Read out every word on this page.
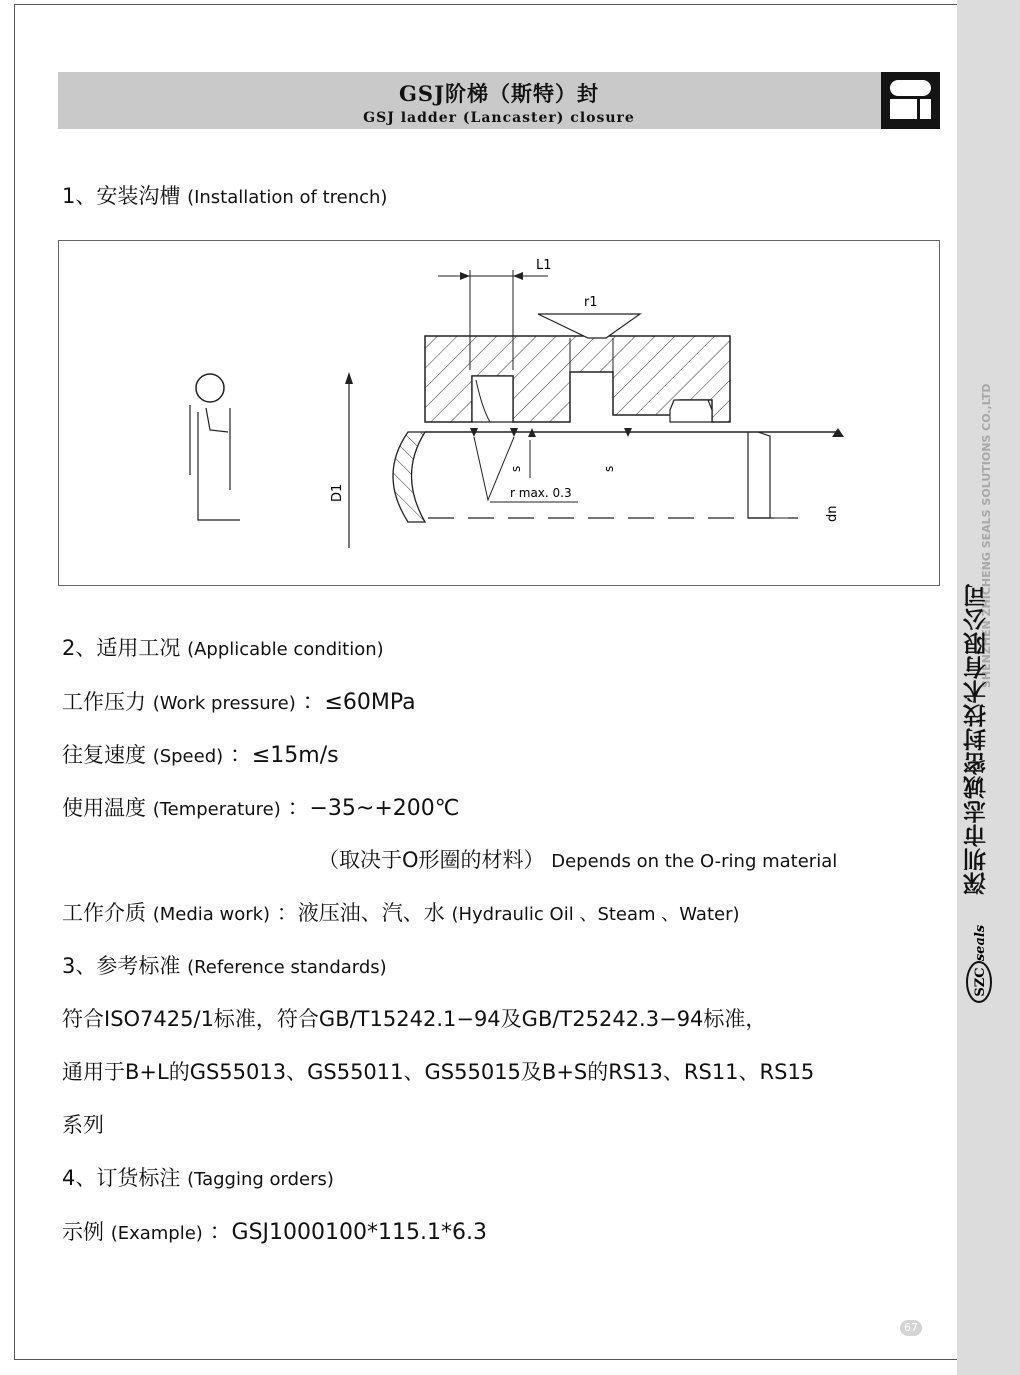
GSJ阶梯（斯特）封
GSJ ladder (Lancaster) closure
1、安装沟槽 (Installation of trench)
D1
L1
r1
s	s
r max. 0.3
dn
2、适用工况 (Applicable condition)
工作压力 (Work pressure) ：≤60MPa
往复速度 (Speed) ：≤15m/s
使用温度 (Temperature) ：−35~+200℃
（取决于O形圈的材料） Depends on the O-ring material
工作介质 (Media work) ：液压油、汽、水 (Hydraulic Oil 、Steam 、Water)
3、参考标准 (Reference standards)
符合ISO7425/1标准，符合GB/T15242.1−94及GB/T25242.3−94标准，
通用于B+L的GS55013、GS55011、GS55015及B+S的RS13、RS11、RS15
系列
4、订货标注 (Tagging orders)
示例 (Example) ：GSJ1000100*115.1*6.3
SHENZHEN ZHICHENG SEALS SOLUTIONS CO.,LTD
深圳市志诚密封技术有限公司
SZC
seals
67
